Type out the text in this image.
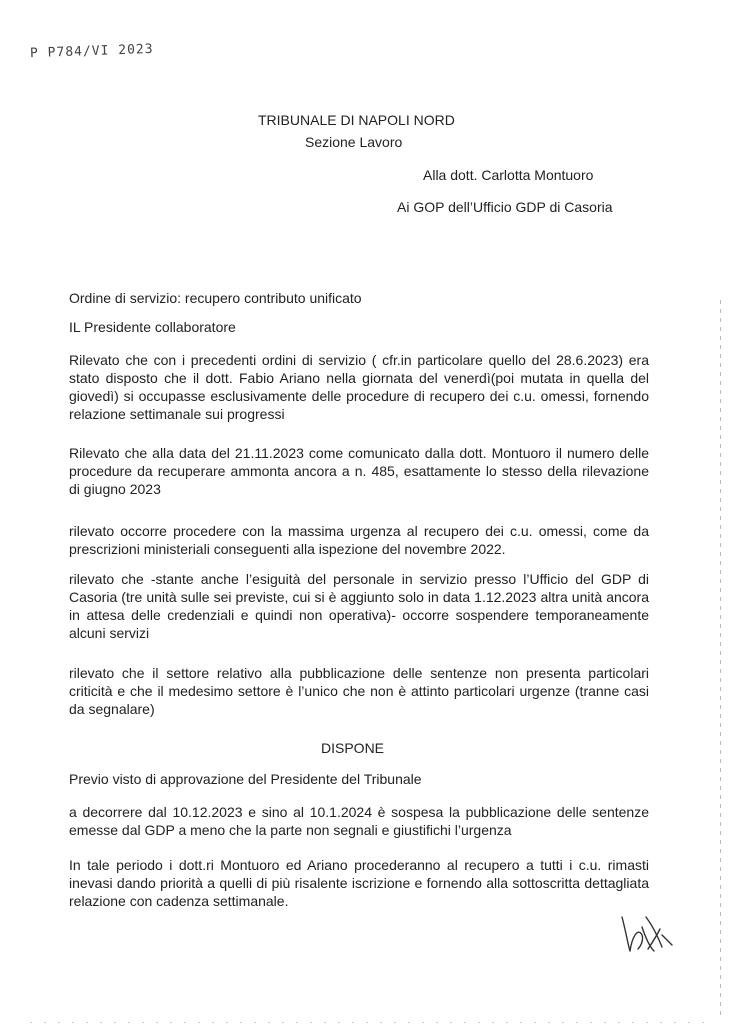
P P784/VI 2023
TRIBUNALE DI NAPOLI NORD
Sezione Lavoro
Alla dott. Carlotta Montuoro
Ai GOP dell’Ufficio GDP di Casoria
Ordine di servizio: recupero contributo unificato
IL Presidente collaboratore
Rilevato che con i precedenti ordini di servizio ( cfr.in particolare quello del 28.6.2023) era stato disposto che il dott. Fabio Ariano nella giornata del venerdì(poi mutata in quella del giovedì) si occupasse esclusivamente delle procedure di recupero dei c.u. omessi, fornendo relazione settimanale sui progressi
Rilevato che alla data del 21.11.2023 come comunicato dalla dott. Montuoro il numero delle procedure da recuperare ammonta ancora a n. 485, esattamente lo stesso della rilevazione di giugno 2023
rilevato occorre procedere con la massima urgenza al recupero dei c.u. omessi, come da prescrizioni ministeriali conseguenti alla ispezione del novembre 2022.
rilevato che -stante anche l’esiguità del personale in servizio presso l’Ufficio del GDP di Casoria (tre unità sulle sei previste, cui si è aggiunto solo in data 1.12.2023 altra unità ancora in attesa delle credenziali e quindi non operativa)- occorre sospendere temporaneamente alcuni servizi
rilevato che il settore relativo alla pubblicazione delle sentenze non presenta particolari criticità e che il medesimo settore è l’unico che non è attinto particolari urgenze (tranne casi da segnalare)
DISPONE
Previo visto di approvazione del Presidente del Tribunale
a decorrere dal 10.12.2023 e sino al 10.1.2024 è sospesa la pubblicazione delle sentenze emesse dal GDP a meno che la parte non segnali e giustifichi l’urgenza
In tale periodo i dott.ri Montuoro ed Ariano procederanno al recupero a tutti i c.u. rimasti inevasi dando priorità a quelli di più risalente iscrizione e fornendo alla sottoscritta dettagliata relazione con cadenza settimanale.
